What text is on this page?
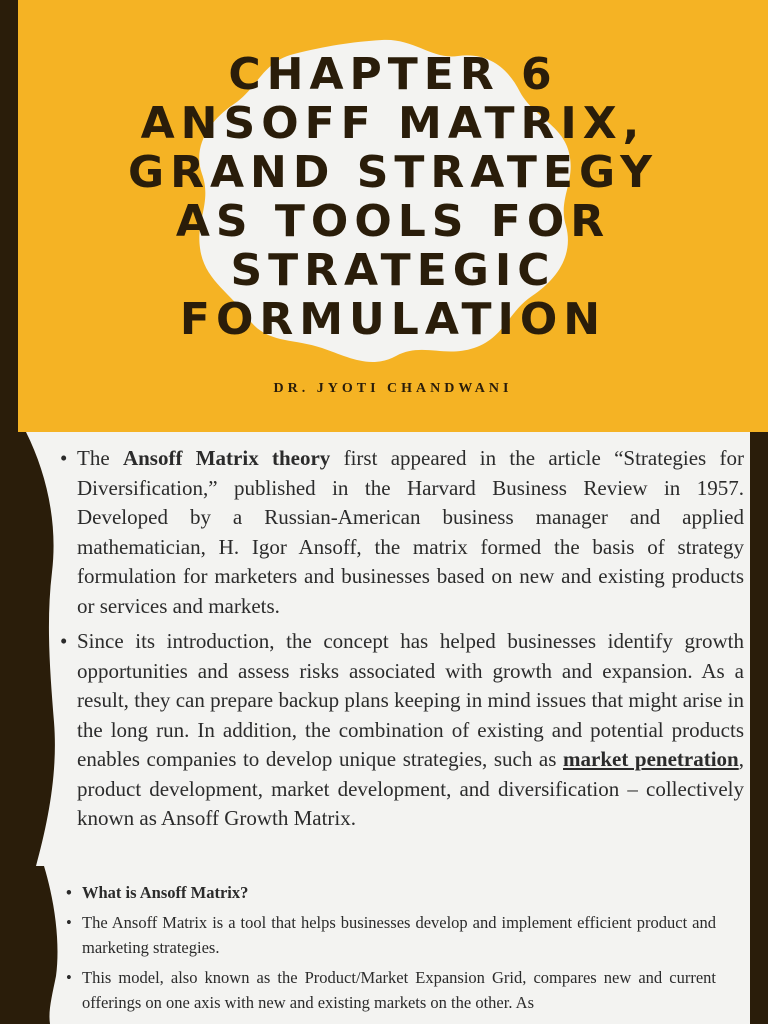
CHAPTER 6
ANSOFF MATRIX,
GRAND STRATEGY
AS TOOLS FOR STRATEGIC
FORMULATION
DR. JYOTI CHANDWANI
• The Ansoff Matrix theory first appeared in the article “Strategies for Diversification,” published in the Harvard Business Review in 1957. Developed by a Russian-American business manager and applied mathematician, H. Igor Ansoff, the matrix formed the basis of strategy formulation for marketers and businesses based on new and existing products or services and markets.
• Since its introduction, the concept has helped businesses identify growth opportunities and assess risks associated with growth and expansion. As a result, they can prepare backup plans keeping in mind issues that might arise in the long run. In addition, the combination of existing and potential products enables companies to develop unique strategies, such as market penetration, product development, market development, and diversification – collectively known as Ansoff Growth Matrix.
• What is Ansoff Matrix?
• The Ansoff Matrix is a tool that helps businesses develop and implement efficient product and marketing strategies.
• This model, also known as the Product/Market Expansion Grid, compares new and current offerings on one axis with new and existing markets on the other. As
